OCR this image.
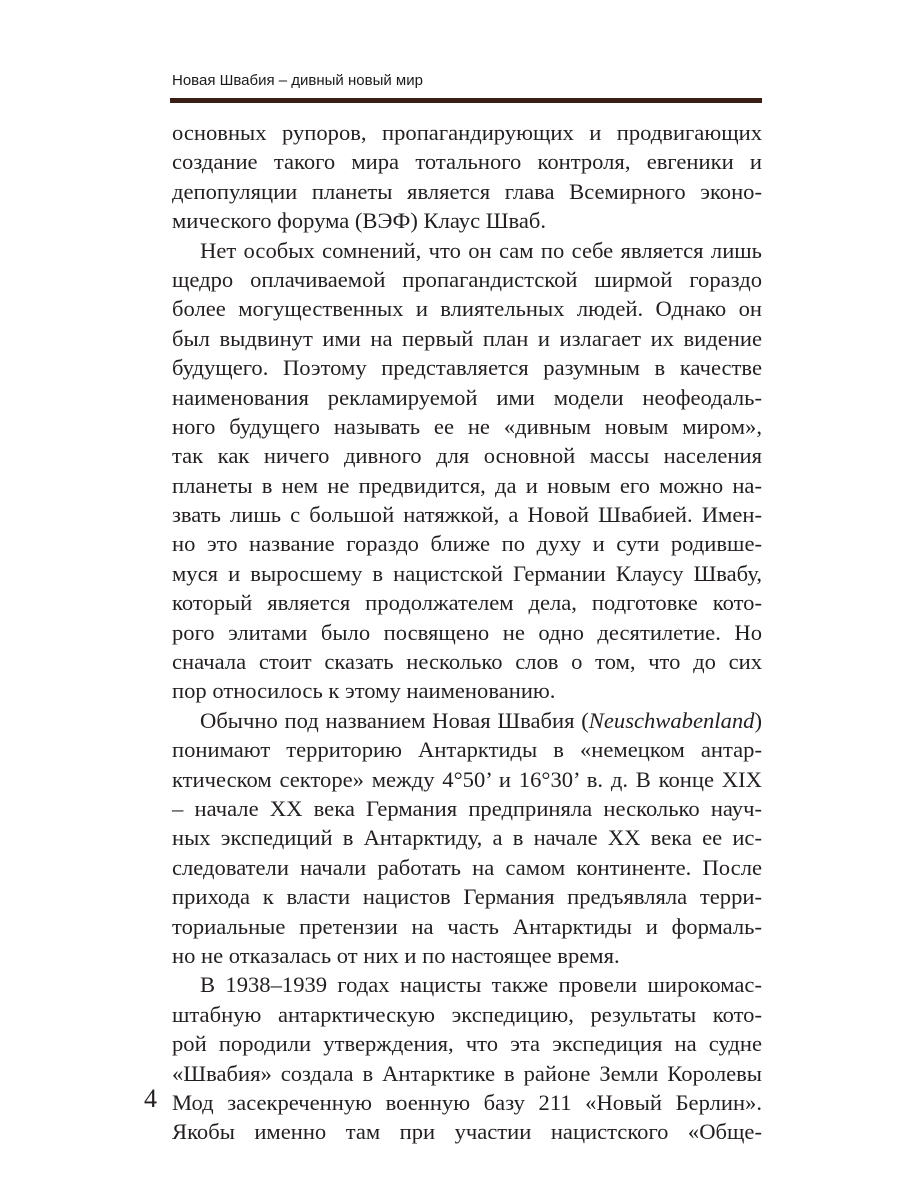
Новая Швабия – дивный новый мир
основных рупоров, пропагандирующих и продвигающих
создание такого мира тотального контроля, евгеники и
депопуляции планеты является глава Всемирного эконо-
мического форума (ВЭФ) Клаус Шваб.
Нет особых сомнений, что он сам по себе является лишь
щедро оплачиваемой пропагандистской ширмой гораздо
более могущественных и влиятельных людей. Однако он
был выдвинут ими на первый план и излагает их видение
будущего. Поэтому представляется разумным в качестве
наименования рекламируемой ими модели неофеодаль-
ного будущего называть ее не «дивным новым миром»,
так как ничего дивного для основной массы населения
планеты в нем не предвидится, да и новым его можно на-
звать лишь с большой натяжкой, а Новой Швабией. Имен-
но это название гораздо ближе по духу и сути родивше-
муся и выросшему в нацистской Германии Клаусу Швабу,
который является продолжателем дела, подготовке кото-
рого элитами было посвящено не одно десятилетие. Но
сначала стоит сказать несколько слов о том, что до сих
пор относилось к этому наименованию.
Обычно под названием Новая Швабия (Neuschwabenland)
понимают территорию Антарктиды в «немецком антар-
ктическом секторе» между 4°50’ и 16°30’ в. д. В конце XIX
– начале XX века Германия предприняла несколько науч-
ных экспедиций в Антарктиду, а в начале XX века ее ис-
следователи начали работать на самом континенте. После
прихода к власти нацистов Германия предъявляла терри-
ториальные претензии на часть Антарктиды и формаль-
но не отказалась от них и по настоящее время.
В 1938–1939 годах нацисты также провели широкомас-
штабную антарктическую экспедицию, результаты кото-
рой породили утверждения, что эта экспедиция на судне
«Швабия» создала в Антарктике в районе Земли Королевы
Мод засекреченную военную базу 211 «Новый Берлин».
Якобы именно там при участии нацистского «Обще-
4
